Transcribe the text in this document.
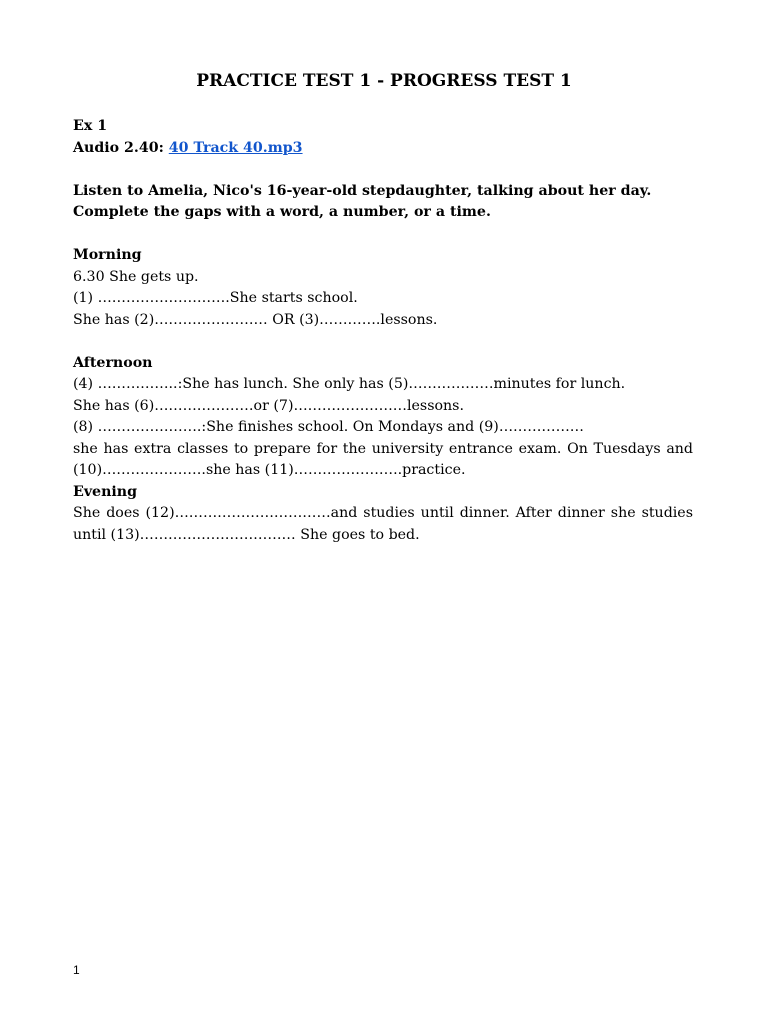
PRACTICE TEST 1 - PROGRESS TEST 1
Ex 1
Audio 2.40: 40 Track 40.mp3
Listen to Amelia, Nico's 16-year-old stepdaughter, talking about her day.
Complete the gaps with a word, a number, or a time.
Morning
6.30 She gets up.
(1) ……………………….She starts school.
She has (2)…………………… OR (3)………….lessons.
Afternoon
(4) ……………..:She has lunch. She only has (5)………………minutes for lunch.
She has (6)…………………or (7)……………………lessons.
(8) ………………….:She finishes school. On Mondays and (9)………………
she has extra classes to prepare for the university entrance exam. On Tuesdays and (10)………………….she has (11)…………………..practice.
Evening
She does (12)……………………………and studies until dinner. After dinner she studies until (13)…………………………… She goes to bed.
1
